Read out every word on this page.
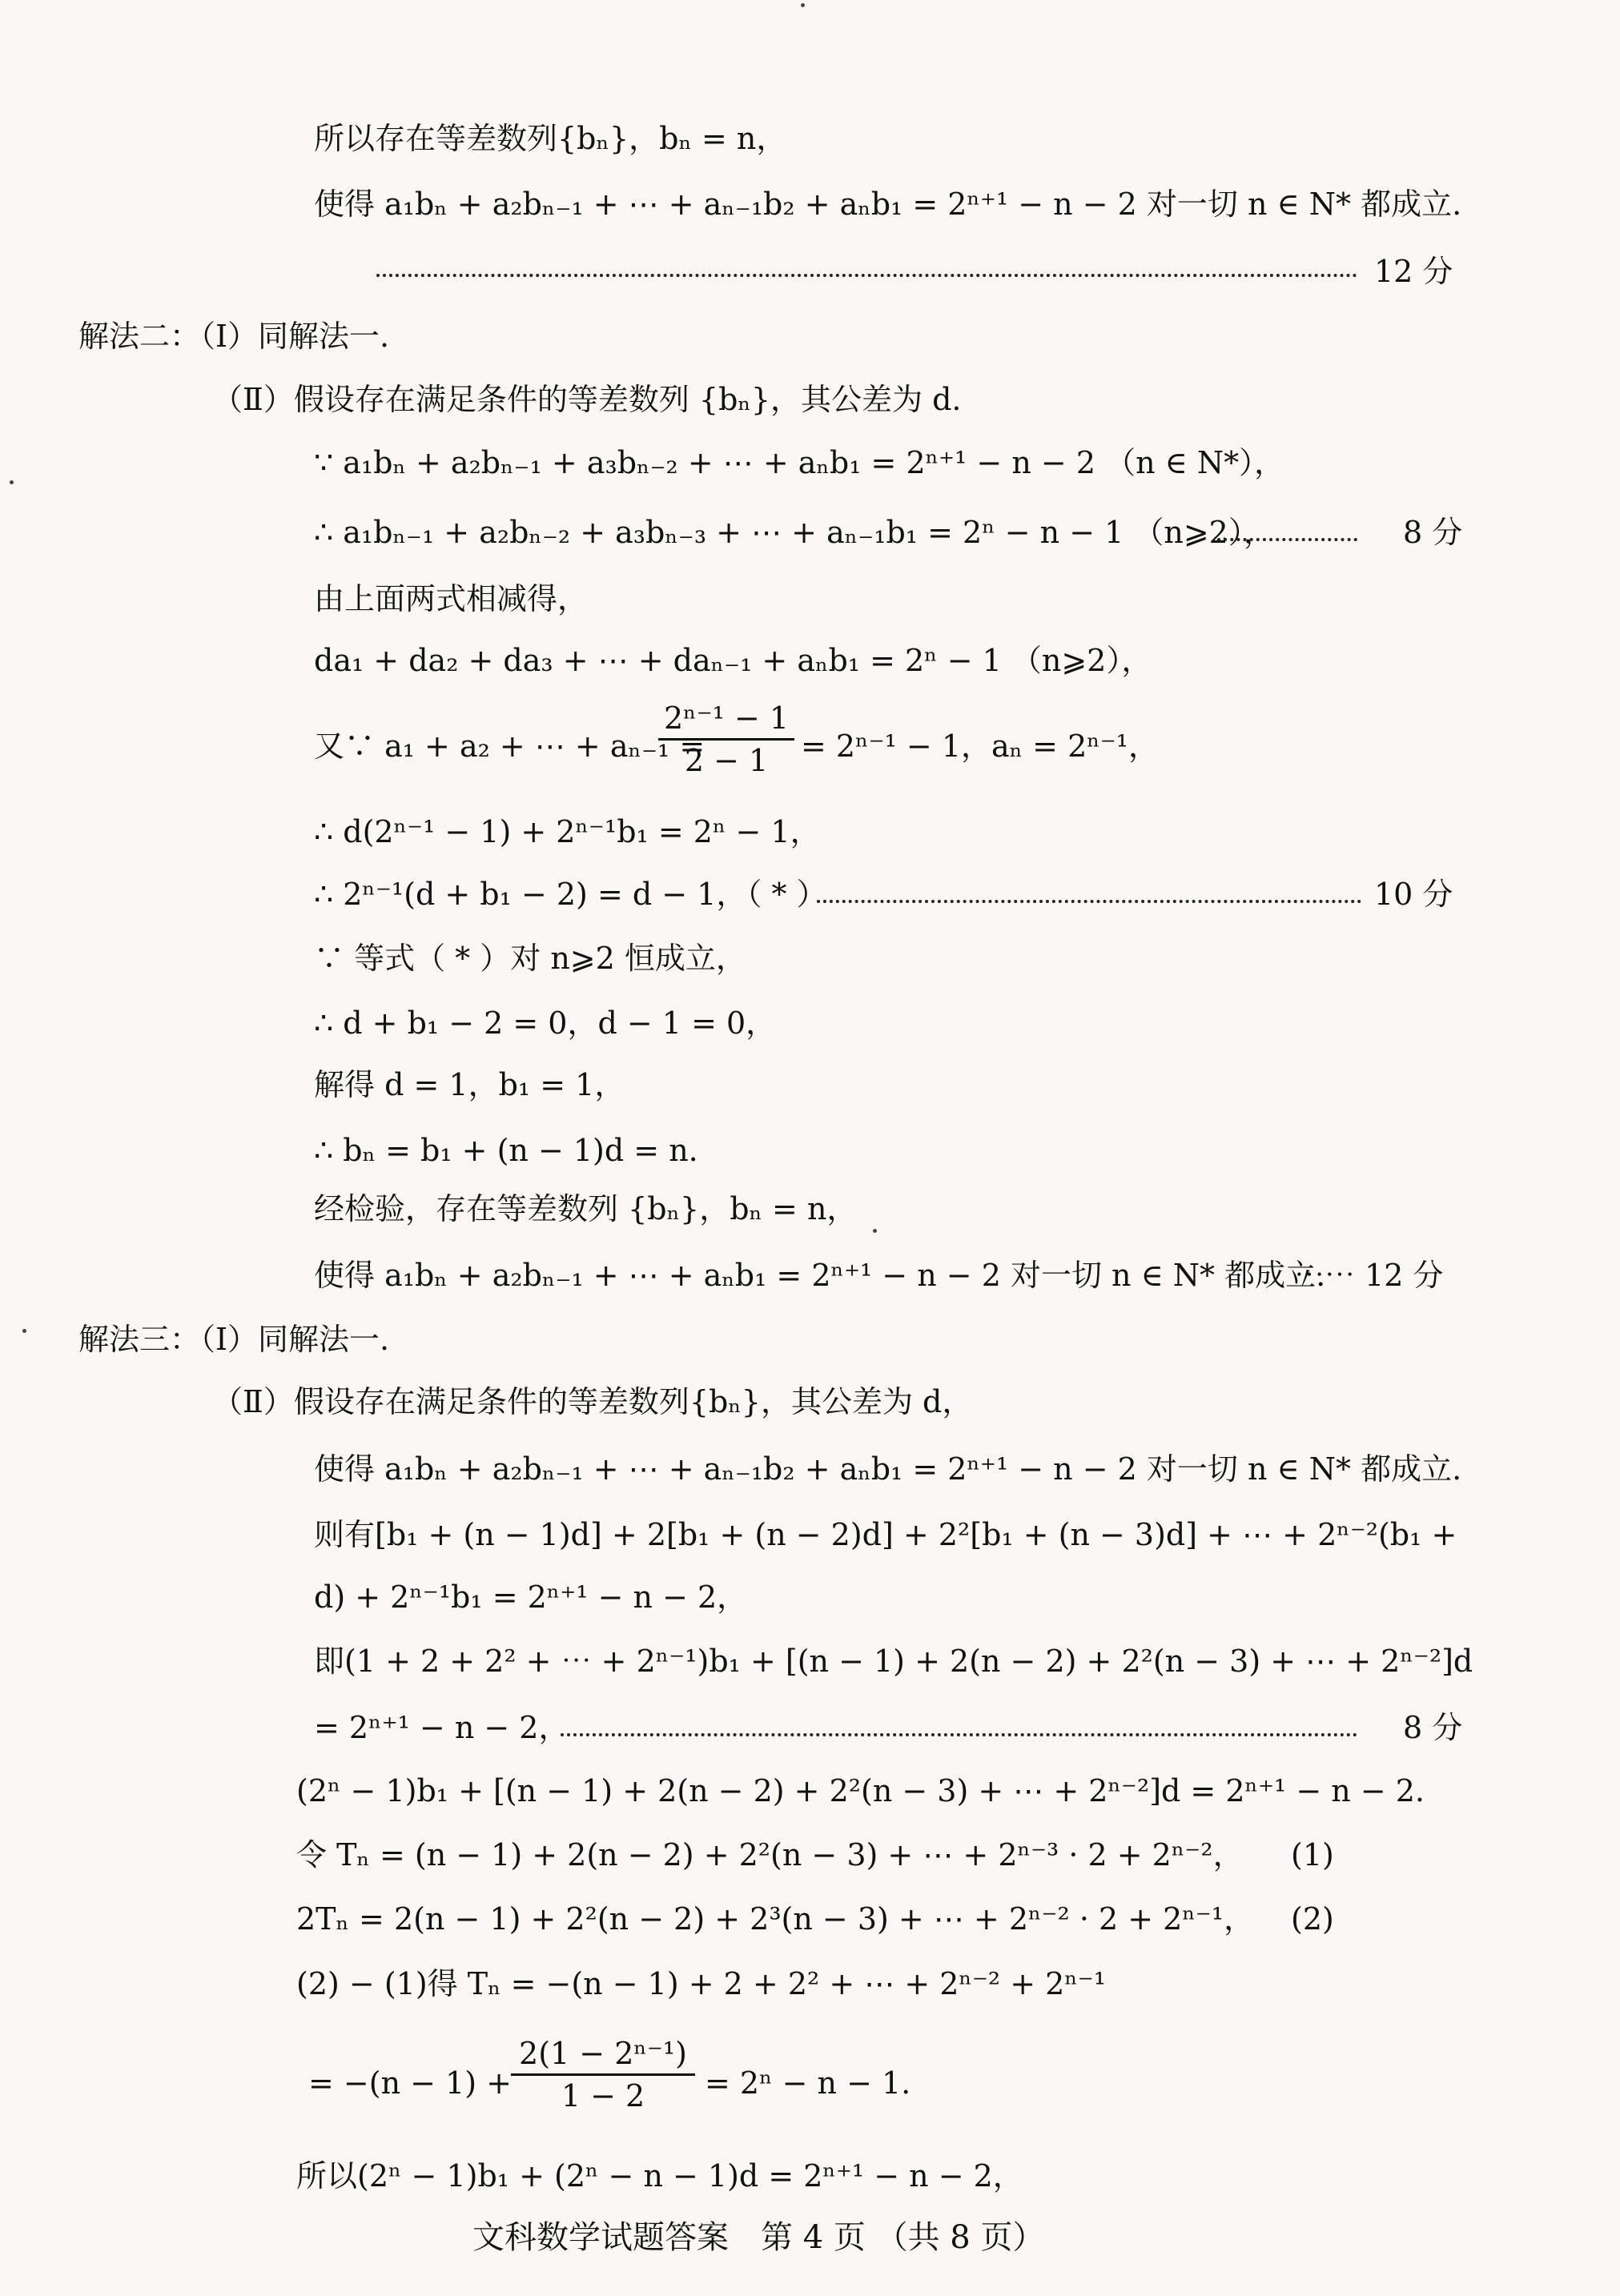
所以存在等差数列{bₙ}，bₙ = n，

使得 a₁bₙ + a₂bₙ₋₁ + ⋯ + aₙ₋₁b₂ + aₙb₁ = 2ⁿ⁺¹ − n − 2 对一切 n ∈ N* 都成立.

12 分

解法二：（Ⅰ）同解法一.

（Ⅱ）假设存在满足条件的等差数列 {bₙ}，其公差为 d.

∵ a₁bₙ + a₂bₙ₋₁ + a₃bₙ₋₂ + ⋯ + aₙb₁ = 2ⁿ⁺¹ − n − 2 （n ∈ N*），

∴ a₁bₙ₋₁ + a₂bₙ₋₂ + a₃bₙ₋₃ + ⋯ + aₙ₋₁b₁ = 2ⁿ − n − 1 （n⩾2），	8 分

由上面两式相减得，

da₁ + da₂ + da₃ + ⋯ + daₙ₋₁ + aₙb₁ = 2ⁿ − 1 （n⩾2），

又∵ a₁ + a₂ + ⋯ + aₙ₋₁ =

2ⁿ⁻¹ − 1
2 − 1	= 2ⁿ⁻¹ − 1，aₙ = 2ⁿ⁻¹，

∴ d(2ⁿ⁻¹ − 1) + 2ⁿ⁻¹b₁ = 2ⁿ − 1，

∴ 2ⁿ⁻¹(d + b₁ − 2) = d − 1，（ * ）	10 分

∵ 等式（ * ）对 n⩾2 恒成立，

∴ d + b₁ − 2 = 0，d − 1 = 0，

解得 d = 1，b₁ = 1，

∴ bₙ = b₁ + (n − 1)d = n.

经检验，存在等差数列 {bₙ}，bₙ = n，

使得 a₁bₙ + a₂bₙ₋₁ + ⋯ + aₙb₁ = 2ⁿ⁺¹ − n − 2 对一切 n ∈ N* 都成立.

⋯⋯ 12 分

解法三：（Ⅰ）同解法一.

（Ⅱ）假设存在满足条件的等差数列{bₙ}，其公差为 d，

使得 a₁bₙ + a₂bₙ₋₁ + ⋯ + aₙ₋₁b₂ + aₙb₁ = 2ⁿ⁺¹ − n − 2 对一切 n ∈ N* 都成立.

则有[b₁ + (n − 1)d] + 2[b₁ + (n − 2)d] + 2²[b₁ + (n − 3)d] + ⋯ + 2ⁿ⁻²(b₁ +

d) + 2ⁿ⁻¹b₁ = 2ⁿ⁺¹ − n − 2，

即(1 + 2 + 2² + ⋯ + 2ⁿ⁻¹)b₁ + [(n − 1) + 2(n − 2) + 2²(n − 3) + ⋯ + 2ⁿ⁻²]d

= 2ⁿ⁺¹ − n − 2，	8 分

(2ⁿ − 1)b₁ + [(n − 1) + 2(n − 2) + 2²(n − 3) + ⋯ + 2ⁿ⁻²]d = 2ⁿ⁺¹ − n − 2.

令 Tₙ = (n − 1) + 2(n − 2) + 2²(n − 3) + ⋯ + 2ⁿ⁻³ · 2 + 2ⁿ⁻²， (1)

2Tₙ = 2(n − 1) + 2²(n − 2) + 2³(n − 3) + ⋯ + 2ⁿ⁻² · 2 + 2ⁿ⁻¹， (2)

(2) − (1)得 Tₙ = −(n − 1) + 2 + 2² + ⋯ + 2ⁿ⁻² + 2ⁿ⁻¹

= −(n − 1) +

2(1 − 2ⁿ⁻¹)
1 − 2	= 2ⁿ − n − 1.

所以(2ⁿ − 1)b₁ + (2ⁿ − n − 1)d = 2ⁿ⁺¹ − n − 2，

文科数学试题答案　第 4 页 （共 8 页）
